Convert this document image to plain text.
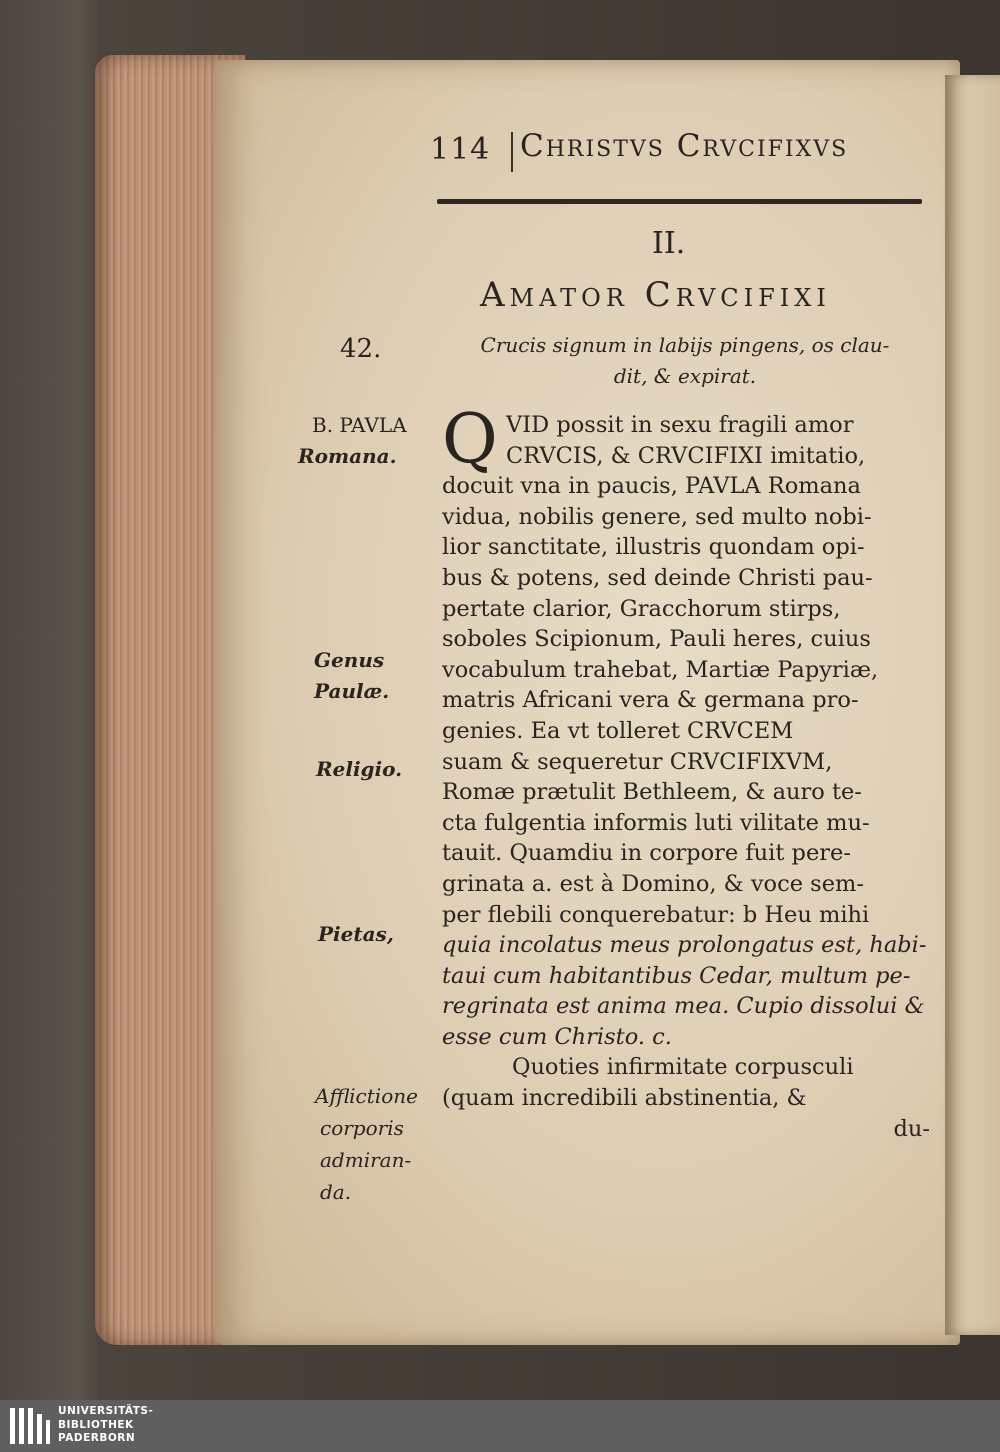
114 Christvs Crvcifixvs
II.
Amator Crvcifixi
42.	Crucis signum in labijs pingens, os clau-
dit, & expirat.
Q VID possit in sexu fragili amor
CRVCIS, & CRVCIFIXI imitatio,
docuit vna in paucis, PAVLA Romana
vidua, nobilis genere, sed multo nobi-
lior sanctitate, illustris quondam opi-
bus & potens, sed deinde Christi pau-
pertate clarior, Gracchorum stirps,
soboles Scipionum, Pauli heres, cuius
vocabulum trahebat, Martiæ Papyriæ,
matris Africani vera & germana pro-
genies. Ea vt tolleret CRVCEM
suam & sequeretur CRVCIFIXVM,
Romæ prætulit Bethleem, & auro te-
cta fulgentia informis luti vilitate mu-
tauit. Quamdiu in corpore fuit pere-
grinata a. est à Domino, & voce sem-
per flebili conquerebatur: b Heu mihi
quia incolatus meus prolongatus est, habi-
taui cum habitantibus Cedar, multum pe-
regrinata est anima mea. Cupio dissolui &
esse cum Christo. c.
Quoties infirmitate corpusculi
(quam incredibili abstinentia, &
du-
B. PAVLA
Romana.
Genus
Paulæ.
Religio.
Pietas,
Afflictione
corporis
admiran-
da.
UNIVERSITÄTS-
BIBLIOTHEK
PADERBORN
